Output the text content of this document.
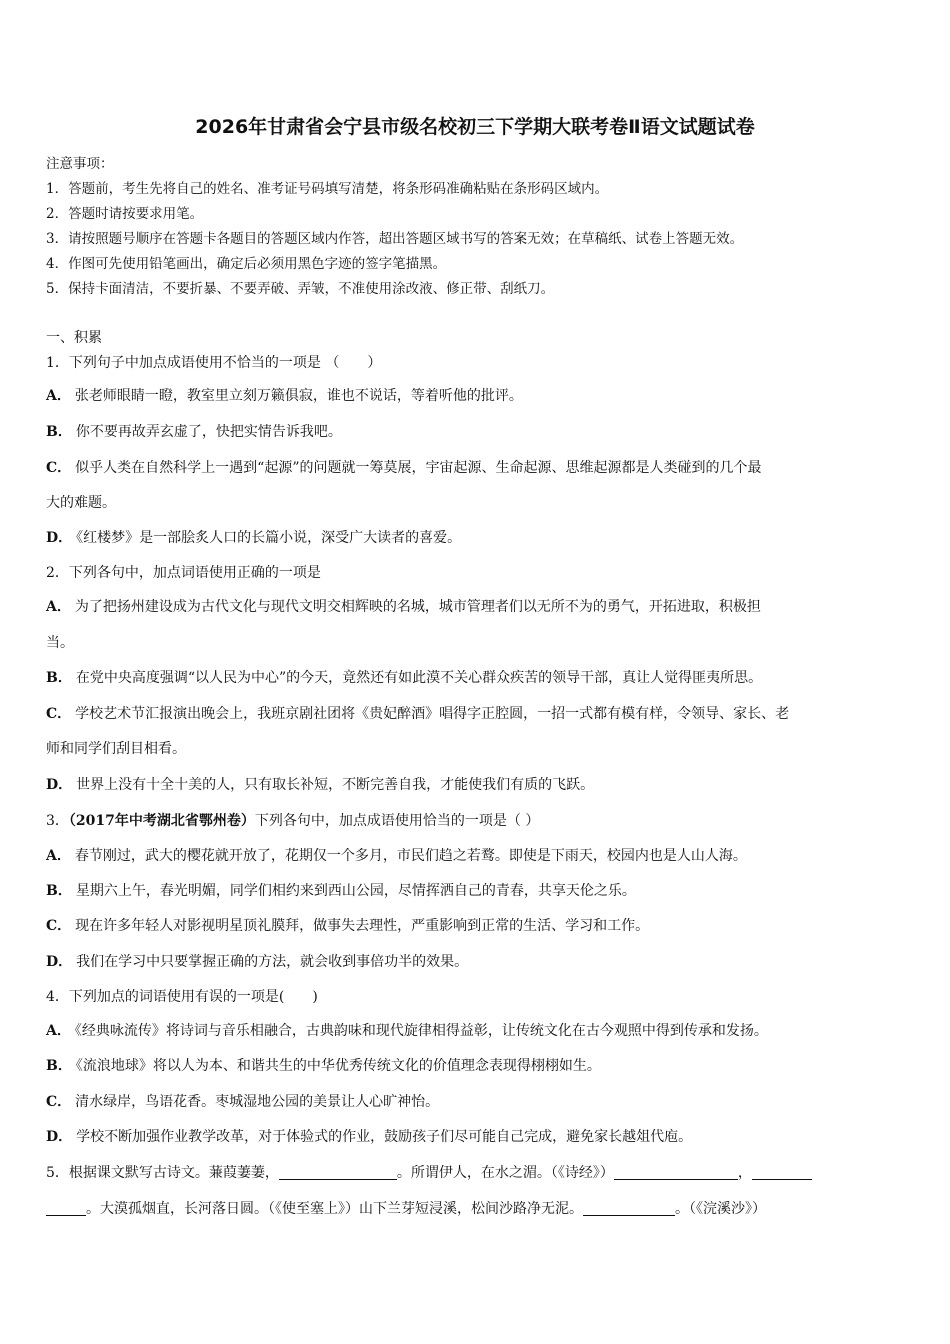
2026年甘肃省会宁县市级名校初三下学期大联考卷Ⅱ语文试题试卷
注意事项：
1．答题前，考生先将自己的姓名、准考证号码填写清楚，将条形码准确粘贴在条形码区域内。
2．答题时请按要求用笔。
3．请按照题号顺序在答题卡各题目的答题区域内作答，超出答题区域书写的答案无效；在草稿纸、试卷上答题无效。
4．作图可先使用铅笔画出，确定后必须用黑色字迹的签字笔描黑。
5．保持卡面清洁，不要折暴、不要弄破、弄皱，不准使用涂改液、修正带、刮纸刀。
一、积累
1．下列句子中加点成语使用不恰当的一项是 （　　）
A． 张老师眼睛一瞪，教室里立刻万籁俱寂，谁也不说话，等着听他的批评。
B． 你不要再故弄玄虚了，快把实情告诉我吧。
C． 似乎人类在自然科学上一遇到“起源”的问题就一筹莫展，宇宙起源、生命起源、思维起源都是人类碰到的几个最
大的难题。
D． 《红楼梦》是一部脍炙人口的长篇小说，深受广大读者的喜爱。
2．下列各句中，加点词语使用正确的一项是
A． 为了把扬州建设成为古代文化与现代文明交相辉映的名城，城市管理者们以无所不为的勇气，开拓进取，积极担
当。
B． 在党中央高度强调“以人民为中心”的今天，竟然还有如此漠不关心群众疾苦的领导干部，真让人觉得匪夷所思。
C． 学校艺术节汇报演出晚会上，我班京剧社团将《贵妃醉酒》唱得字正腔圆，一招一式都有模有样，令领导、家长、老
师和同学们刮目相看。
D． 世界上没有十全十美的人，只有取长补短，不断完善自我，才能使我们有质的飞跃。
3．（2017年中考湖北省鄂州卷）下列各句中，加点成语使用恰当的一项是（ ）
A． 春节刚过，武大的樱花就开放了，花期仅一个多月，市民们趋之若鹜。即使是下雨天，校园内也是人山人海。
B． 星期六上午，春光明媚，同学们相约来到西山公园，尽情挥洒自己的青春，共享天伦之乐。
C． 现在许多年轻人对影视明星顶礼膜拜，做事失去理性，严重影响到正常的生活、学习和工作。
D． 我们在学习中只要掌握正确的方法，就会收到事倍功半的效果。
4．下列加点的词语使用有误的一项是(　　)
A． 《经典咏流传》将诗词与音乐相融合，古典韵味和现代旋律相得益彰，让传统文化在古今观照中得到传承和发扬。
B． 《流浪地球》将以人为本、和谐共生的中华优秀传统文化的价值理念表现得栩栩如生。
C． 清水绿岸，鸟语花香。枣城湿地公园的美景让人心旷神怡。
D． 学校不断加强作业教学改革，对于体验式的作业，鼓励孩子们尽可能自己完成，避免家长越俎代庖。
5．根据课文默写古诗文。蒹葭萋萋，	。所谓伊人，在水之湄。（《诗经》）	，
。大漠孤烟直，长河落日圆。（《使至塞上》）山下兰芽短浸溪，松间沙路净无泥。	。（《浣溪沙》）
